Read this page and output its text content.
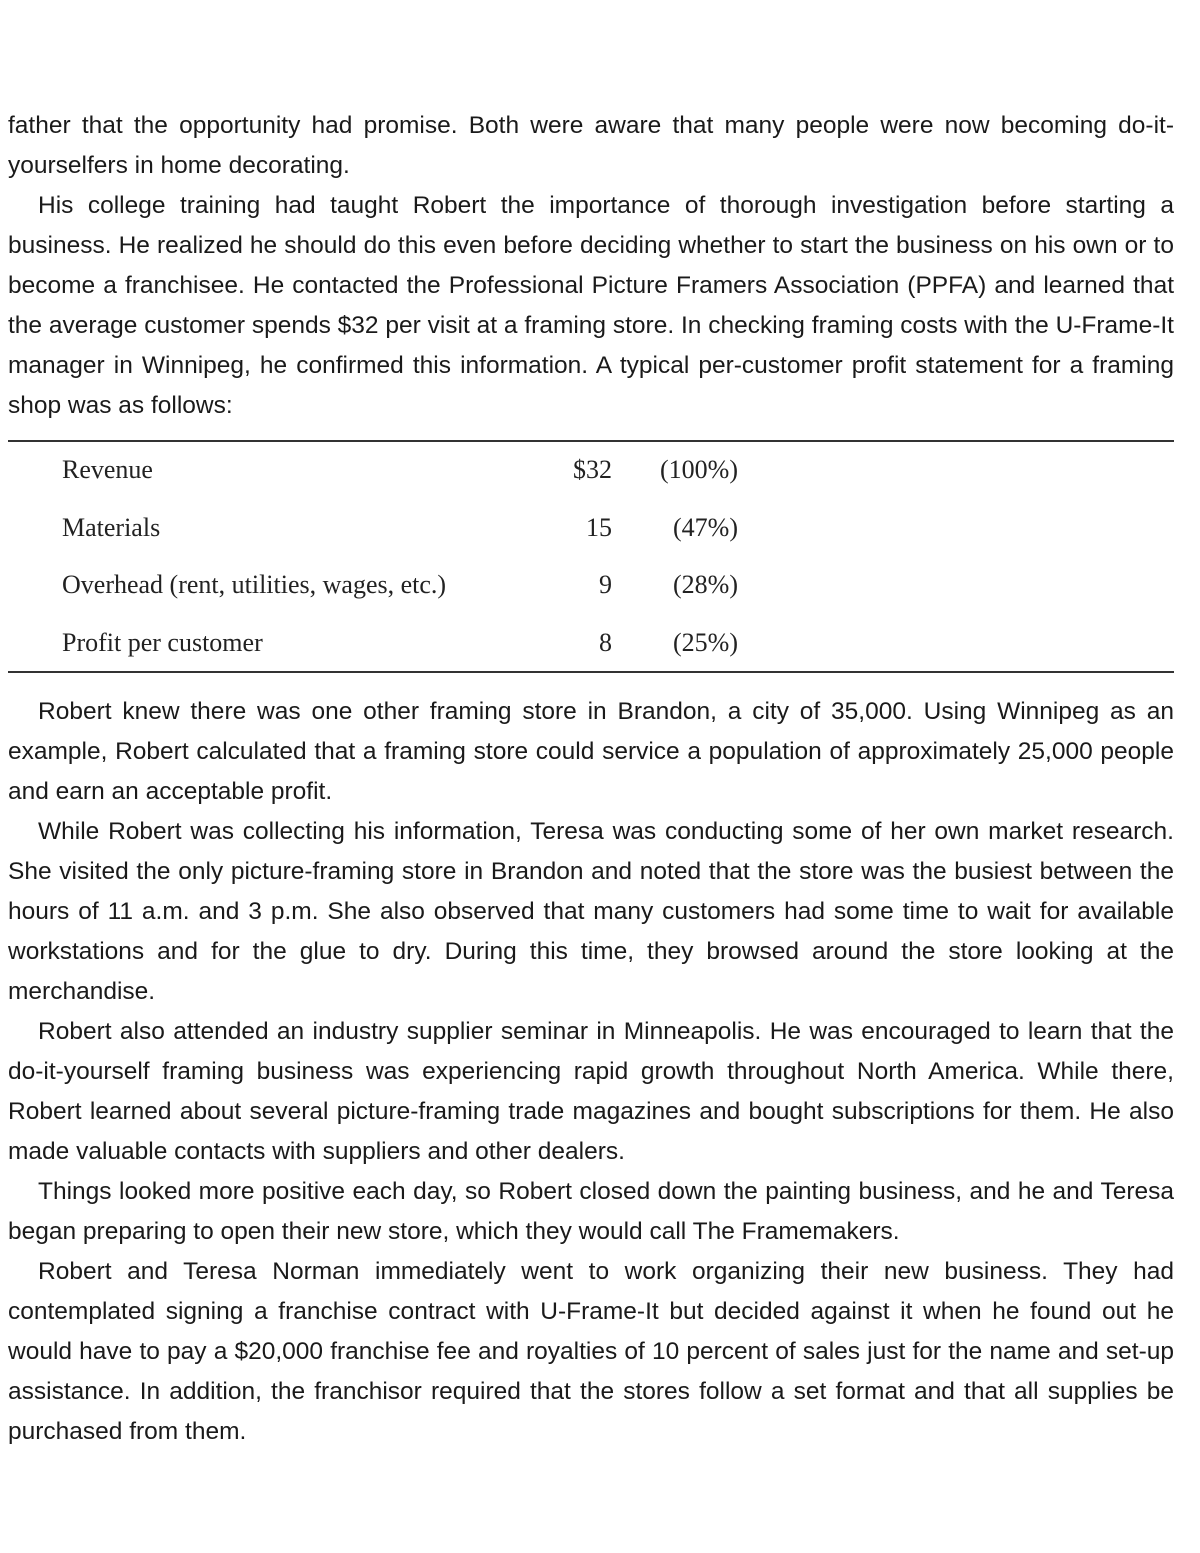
father that the opportunity had promise. Both were aware that many people were now becoming do-it-yourselfers in home decorating.

His college training had taught Robert the importance of thorough investigation before starting a business. He realized he should do this even before deciding whether to start the business on his own or to become a franchisee. He contacted the Professional Picture Framers Association (PPFA) and learned that the average customer spends $32 per visit at a framing store. In checking framing costs with the U-Frame-It manager in Winnipeg, he confirmed this information. A typical per-customer profit statement for a framing shop was as follows:

Revenue	$32 (100%)
Materials	15 (47%)
Overhead (rent, utilities, wages, etc.)	9 (28%)
Profit per customer	8 (25%)

Robert knew there was one other framing store in Brandon, a city of 35,000. Using Winnipeg as an example, Robert calculated that a framing store could service a population of approximately 25,000 people and earn an acceptable profit.

While Robert was collecting his information, Teresa was conducting some of her own market research. She visited the only picture-framing store in Brandon and noted that the store was the busiest between the hours of 11 a.m. and 3 p.m. She also observed that many customers had some time to wait for available workstations and for the glue to dry. During this time, they browsed around the store looking at the merchandise.

Robert also attended an industry supplier seminar in Minneapolis. He was encouraged to learn that the do-it-yourself framing business was experiencing rapid growth throughout North America. While there, Robert learned about several picture-framing trade magazines and bought subscriptions for them. He also made valuable contacts with suppliers and other dealers.

Things looked more positive each day, so Robert closed down the painting business, and he and Teresa began preparing to open their new store, which they would call The Framemakers.

Robert and Teresa Norman immediately went to work organizing their new business. They had contemplated signing a franchise contract with U-Frame-It but decided against it when he found out he would have to pay a $20,000 franchise fee and royalties of 10 percent of sales just for the name and set-up assistance. In addition, the franchisor required that the stores follow a set format and that all supplies be purchased from them.
